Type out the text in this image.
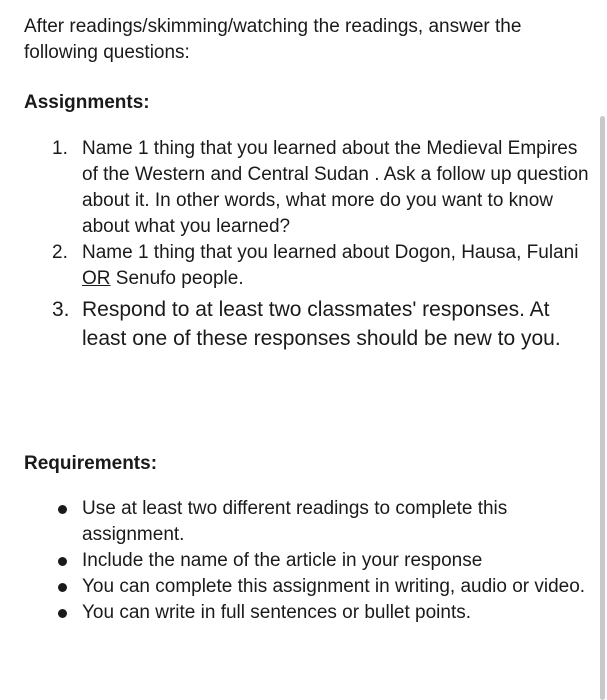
After readings/skimming/watching the readings, answer the following questions:

Assignments:

1. Name 1 thing that you learned about the Medieval Empires of the Western and Central Sudan . Ask a follow up question about it. In other words, what more do you want to know about what you learned?
2. Name 1 thing that you learned about Dogon, Hausa, Fulani OR Senufo people.
3. Respond to at least two classmates' responses. At least one of these responses should be new to you.

Requirements:

Use at least two different readings to complete this assignment.
Include the name of the article in your response
You can complete this assignment in writing, audio or video.
You can write in full sentences or bullet points.
